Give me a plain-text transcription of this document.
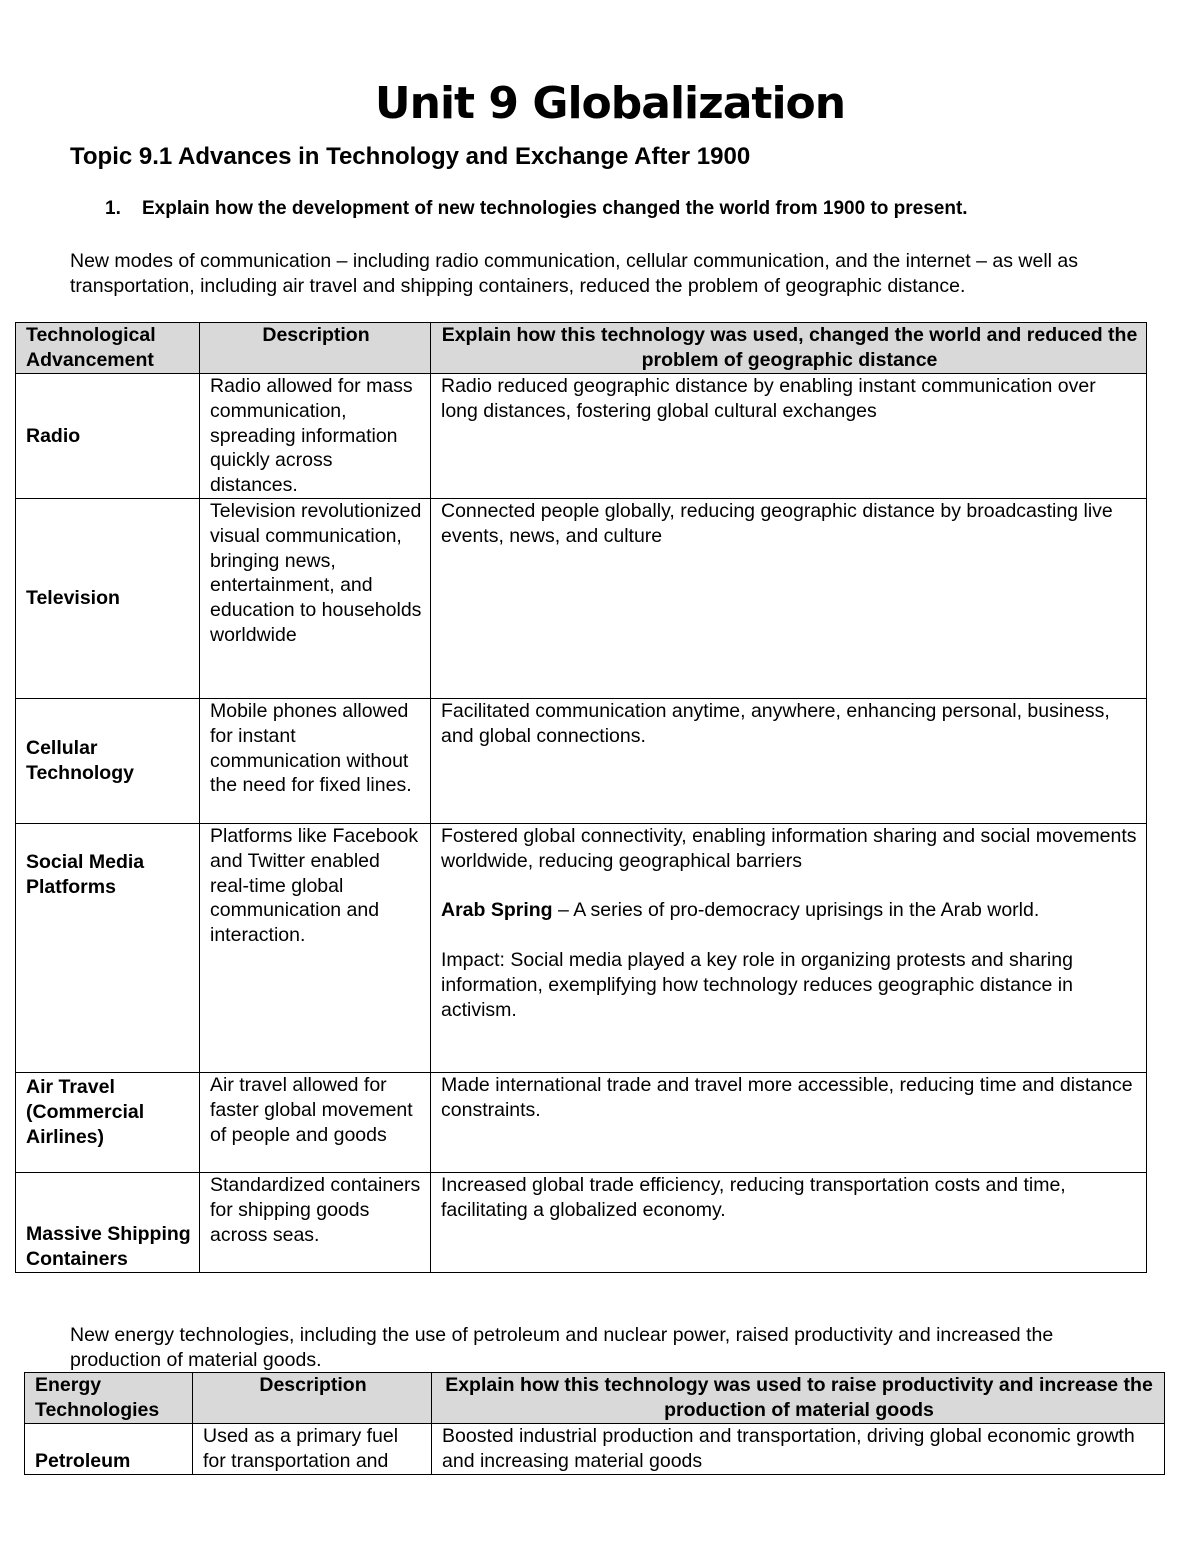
Unit 9 Globalization
Topic 9.1 Advances in Technology and Exchange After 1900
1. Explain how the development of new technologies changed the world from 1900 to present.
New modes of communication – including radio communication, cellular communication, and the internet – as well as transportation, including air travel and shipping containers, reduced the problem of geographic distance.
Technological Advancement	Description	Explain how this technology was used, changed the world and reduced the problem of geographic distance
Radio	Radio allowed for mass communication, spreading information quickly across distances.	Radio reduced geographic distance by enabling instant communication over long distances, fostering global cultural exchanges
Television	Television revolutionized visual communication, bringing news, entertainment, and education to households worldwide	Connected people globally, reducing geographic distance by broadcasting live events, news, and culture
Cellular Technology	Mobile phones allowed for instant communication without the need for fixed lines.	Facilitated communication anytime, anywhere, enhancing personal, business, and global connections.
Social Media Platforms	Platforms like Facebook and Twitter enabled real-time global communication and interaction.	Fostered global connectivity, enabling information sharing and social movements worldwide, reducing geographical barriers

Arab Spring – A series of pro-democracy uprisings in the Arab world.

Impact: Social media played a key role in organizing protests and sharing information, exemplifying how technology reduces geographic distance in activism.

Air Travel (Commercial Airlines)	Air travel allowed for faster global movement of people and goods	Made international trade and travel more accessible, reducing time and distance constraints.
Massive Shipping Containers	Standardized containers for shipping goods across seas.	Increased global trade efficiency, reducing transportation costs and time, facilitating a globalized economy.
New energy technologies, including the use of petroleum and nuclear power, raised productivity and increased the production of material goods.
Energy Technologies	Description	Explain how this technology was used to raise productivity and increase the production of material goods
Petroleum	Used as a primary fuel for transportation and	Boosted industrial production and transportation, driving global economic growth and increasing material goods
